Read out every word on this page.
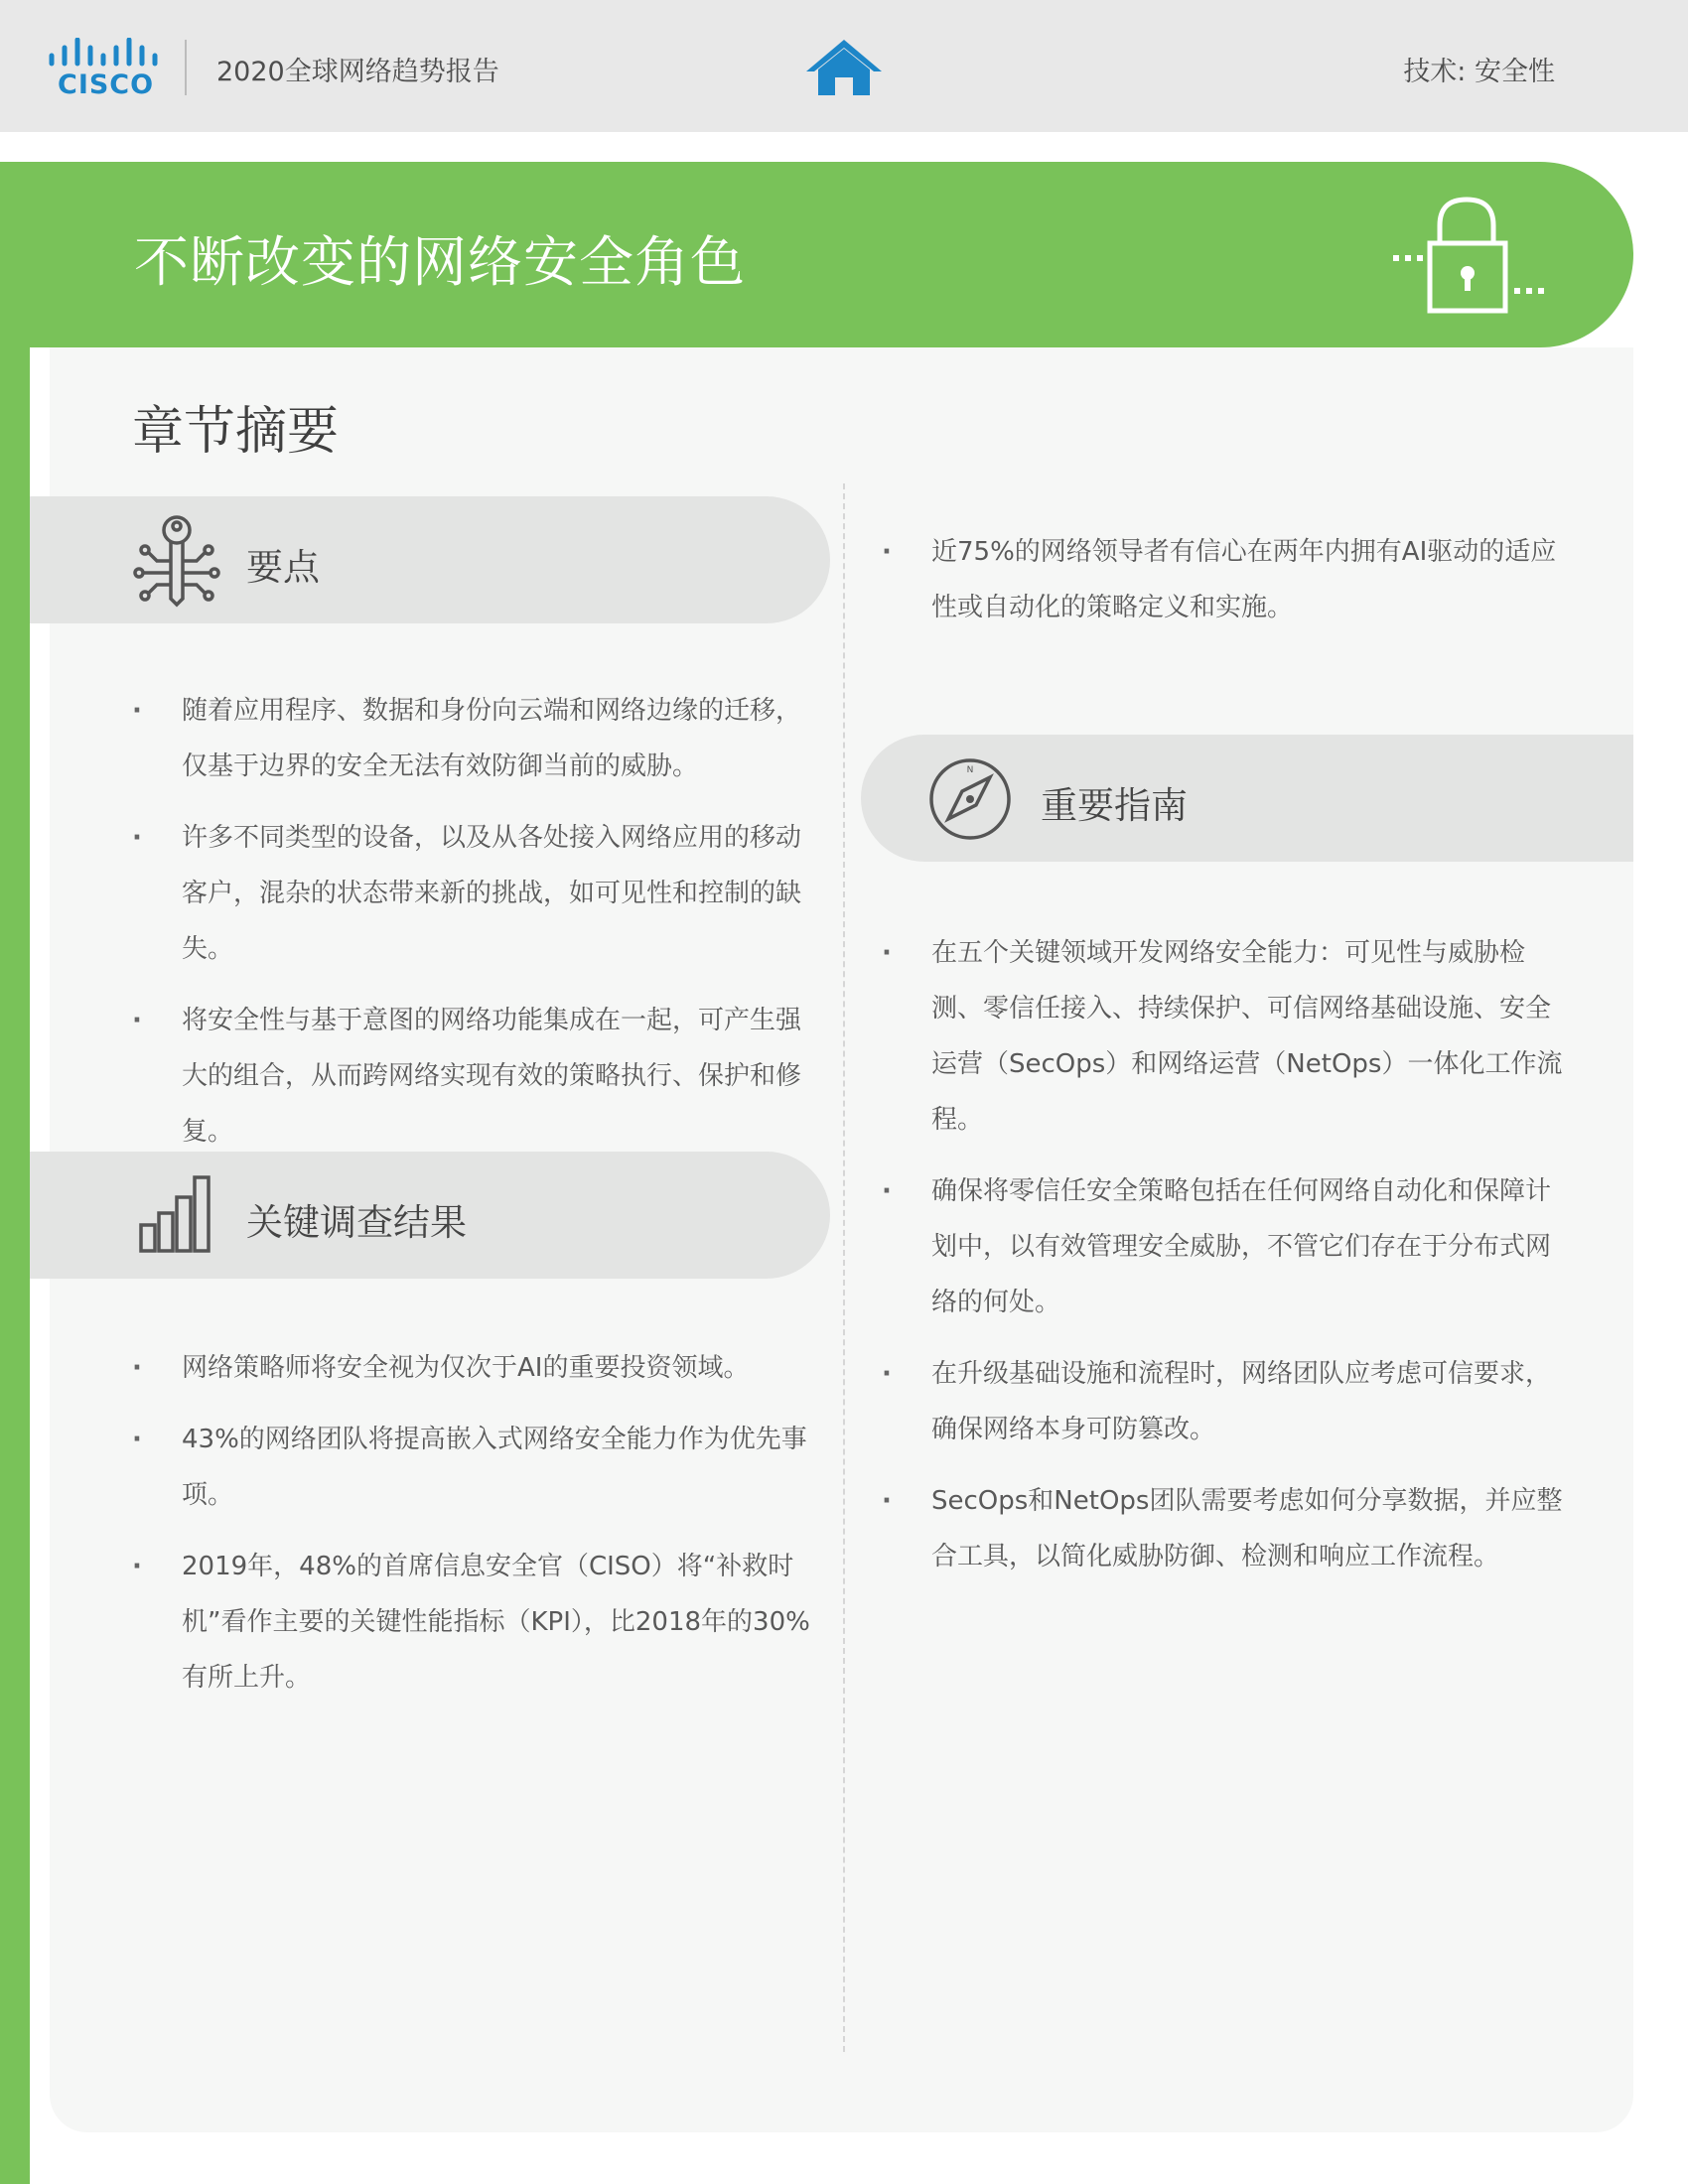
CISCO 2020全球网络趋势报告	技术: 安全性
不断改变的网络安全角色
章节摘要
要点
· 随着应用程序、数据和身份向云端和网络边缘的迁移，仅基于边界的安全无法有效防御当前的威胁。
· 许多不同类型的设备，以及从各处接入网络应用的移动客户，混杂的状态带来新的挑战，如可见性和控制的缺失。
· 将安全性与基于意图的网络功能集成在一起，可产生强大的组合，从而跨网络实现有效的策略执行、保护和修复。
关键调查结果
· 网络策略师将安全视为仅次于AI的重要投资领域。
· 43%的网络团队将提高嵌入式网络安全能力作为优先事项。
· 2019年，48%的首席信息安全官（CISO）将“补救时机”看作主要的关键性能指标（KPI），比2018年的30%有所上升。
· 近75%的网络领导者有信心在两年内拥有AI驱动的适应性或自动化的策略定义和实施。
N
重要指南
· 在五个关键领域开发网络安全能力：可见性与威胁检测、零信任接入、持续保护、可信网络基础设施、安全运营（SecOps）和网络运营（NetOps）一体化工作流程。
· 确保将零信任安全策略包括在任何网络自动化和保障计划中，以有效管理安全威胁，不管它们存在于分布式网络的何处。
· 在升级基础设施和流程时，网络团队应考虑可信要求，确保网络本身可防篡改。
· SecOps和NetOps团队需要考虑如何分享数据，并应整合工具，以简化威胁防御、检测和响应工作流程。
